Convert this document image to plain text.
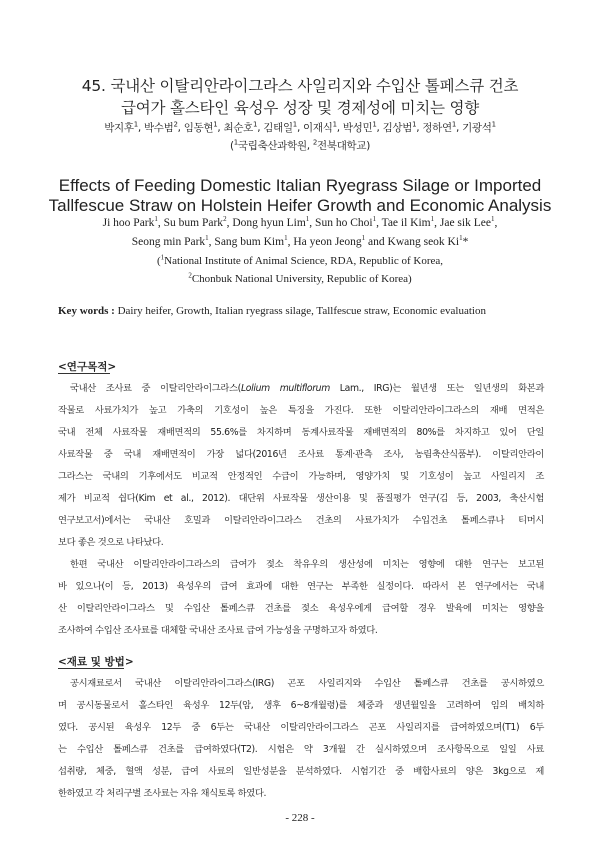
45. 국내산 이탈리안라이그라스 사일리지와 수입산 톨페스큐 건초
급여가 홀스타인 육성우 성장 및 경제성에 미치는 영향
박지후$^1$, 박수범$^2$, 임동현$^1$, 최순호$^1$, 김태일$^1$, 이재식$^1$, 박성민$^1$, 김상범$^1$, 정하연$^1$, 기광석$^1$
($^1$국립축산과학원, $^2$전북대학교)
Effects of Feeding Domestic Italian Ryegrass Silage or Imported
Tallfescue Straw on Holstein Heifer Growth and Economic Analysis
Ji hoo Park$^1$, Su bum Park$^2$, Dong hyun Lim$^1$, Sun ho Choi$^1$, Tae il Kim$^1$, Jae sik Lee$^1$,
Seong min Park$^1$, Sang bum Kim$^1$, Ha yeon Jeong$^1$ and Kwang seok Ki$^1$*
($^1$National Institute of Animal Science, RDA, Republic of Korea,
$^2$Chonbuk National University, Republic of Korea)
Key words : Dairy heifer, Growth, Italian ryegrass silage, Tallfescue straw, Economic evaluation
<연구목적>
국내산 조사료 중 이탈리안라이그라스(Lolium multiflorum Lam., IRG)는 월년생 또는 일년생의 화본과
작물로 사료가치가 높고 가축의 기호성이 높은 특징을 가진다. 또한 이탈리안라이그라스의 재배 면적은
국내 전체 사료작물 재배면적의 55.6%를 차지하며 동계사료작물 재배면적의 80%를 차지하고 있어 단일
사료작물 중 국내 재배면적이 가장 넓다(2016년 조사료 통계·관측 조사, 농림축산식품부). 이탈리안라이
그라스는 국내의 기후에서도 비교적 안정적인 수급이 가능하며, 영양가치 및 기호성이 높고 사일리지 조
제가 비교적 쉽다(Kim et al., 2012). 대단위 사료작물 생산이용 및 품질평가 연구(김 등, 2003, 축산시험
연구보고서)에서는 국내산 호밀과 이탈리안라이그라스 건초의 사료가치가 수입건초 톨페스큐나 티머시
보다 좋은 것으로 나타났다.
한편 국내산 이탈리안라이그라스의 급여가 젖소 착유우의 생산성에 미치는 영향에 대한 연구는 보고된
바 있으나(이 등, 2013) 육성우의 급여 효과에 대한 연구는 부족한 실정이다. 따라서 본 연구에서는 국내
산 이탈리안라이그라스 및 수입산 톨페스큐 건초를 젖소 육성우에게 급여할 경우 발육에 미치는 영향을
조사하여 수입산 조사료를 대체할 국내산 조사료 급여 가능성을 구명하고자 하였다.
<재료 및 방법>
공시재료로서 국내산 이탈리안라이그라스(IRG) 곤포 사일리지와 수입산 톨페스큐 건초를 공시하였으
며 공시동물로서 홀스타인 육성우 12두(암, 생후 6~8개월령)를 체중과 생년월일을 고려하여 임의 배치하
였다. 공시된 육성우 12두 중 6두는 국내산 이탈리안라이그라스 곤포 사일리지를 급여하였으며(T1) 6두
는 수입산 톨페스큐 건초를 급여하였다(T2). 시험은 약 3개월 간 실시하였으며 조사항목으로 일일 사료
섭취량, 체중, 혈액 성분, 급여 사료의 일반성분을 분석하였다. 시험기간 중 배합사료의 양은 3kg으로 제
한하였고 각 처리구별 조사료는 자유 채식토록 하였다.
- 228 -
